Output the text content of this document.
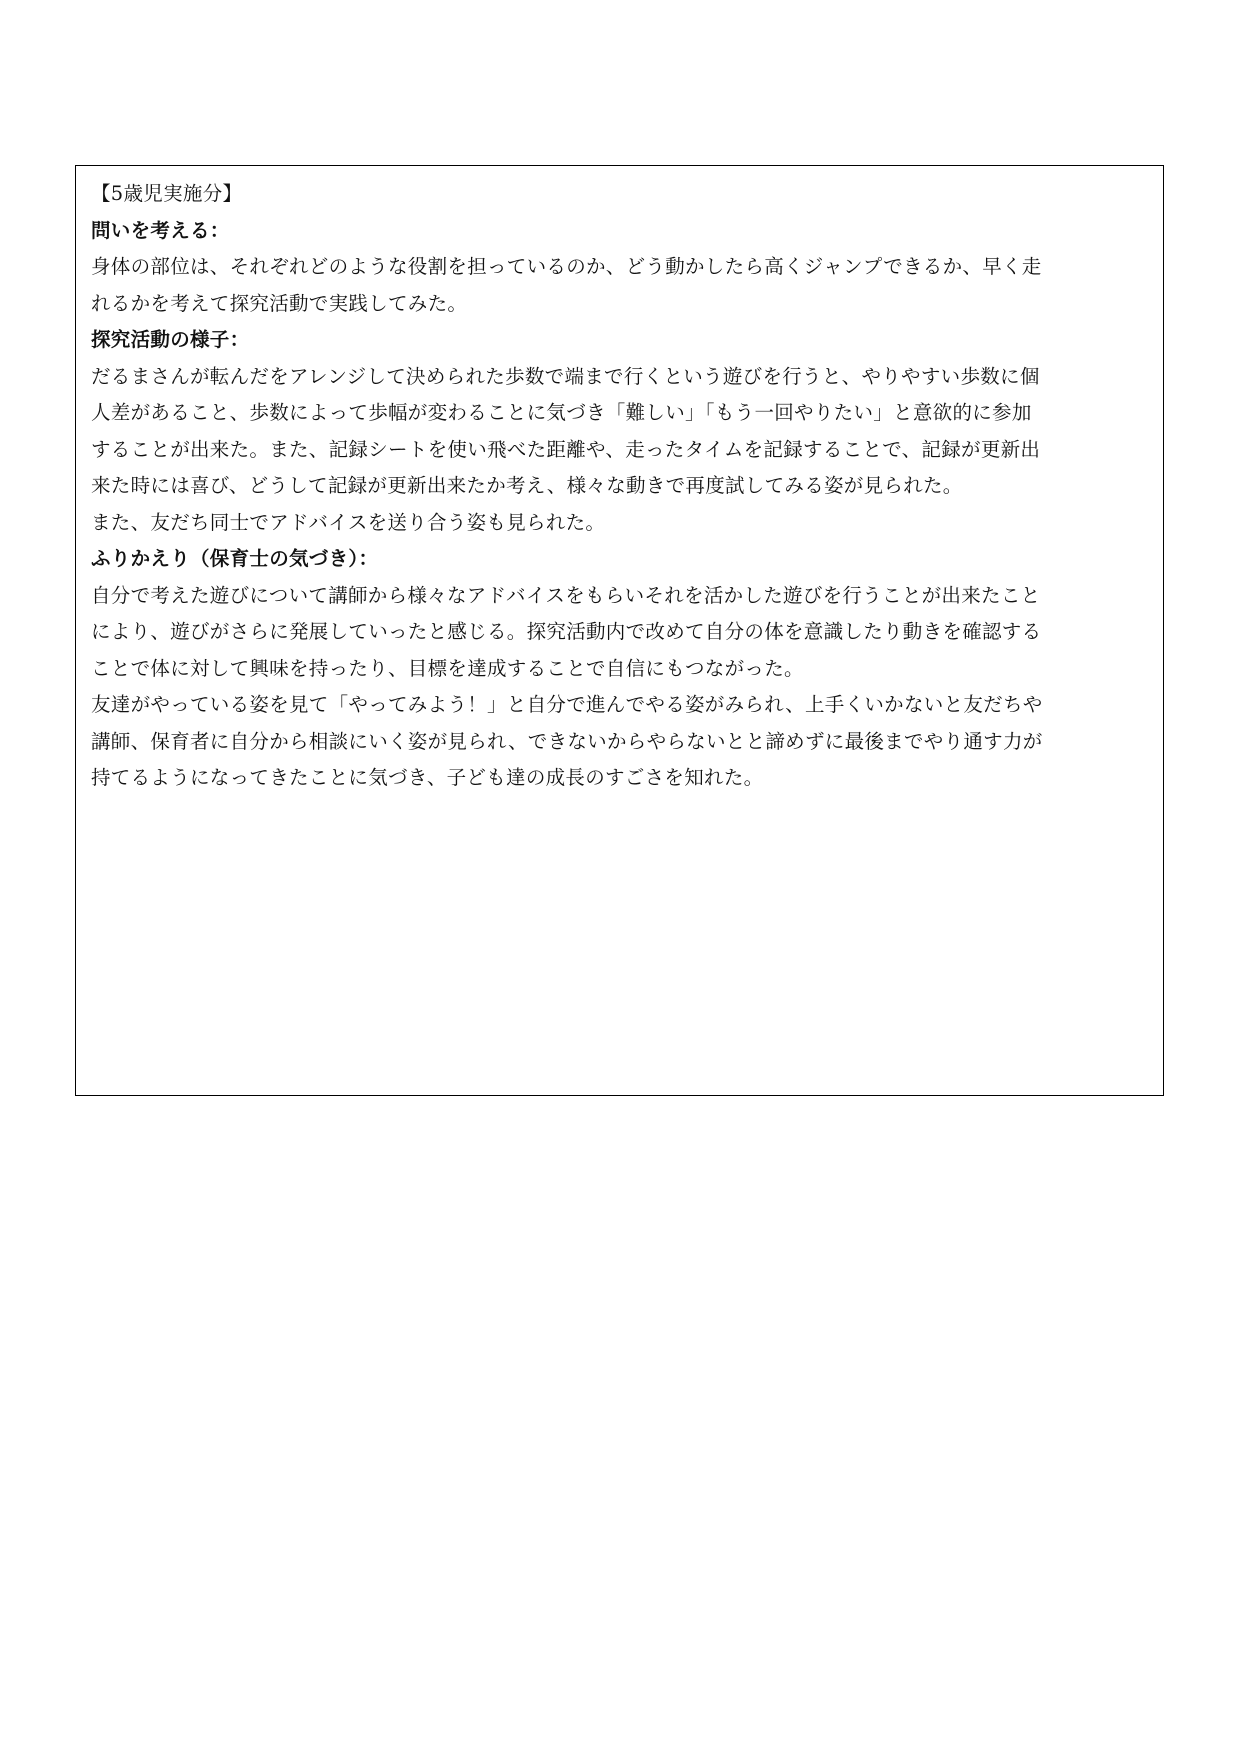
【5歳児実施分】
問いを考える：
身体の部位は、それぞれどのような役割を担っているのか、どう動かしたら高くジャンプできるか、早く走
れるかを考えて探究活動で実践してみた。
探究活動の様子：
だるまさんが転んだをアレンジして決められた歩数で端まで行くという遊びを行うと、やりやすい歩数に個
人差があること、歩数によって歩幅が変わることに気づき「難しい」「もう一回やりたい」と意欲的に参加
することが出来た。また、記録シートを使い飛べた距離や、走ったタイムを記録することで、記録が更新出
来た時には喜び、どうして記録が更新出来たか考え、様々な動きで再度試してみる姿が見られた。
また、友だち同士でアドバイスを送り合う姿も見られた。
ふりかえり（保育士の気づき）：
自分で考えた遊びについて講師から様々なアドバイスをもらいそれを活かした遊びを行うことが出来たこと
により、遊びがさらに発展していったと感じる。探究活動内で改めて自分の体を意識したり動きを確認する
ことで体に対して興味を持ったり、目標を達成することで自信にもつながった。
友達がやっている姿を見て「やってみよう！」と自分で進んでやる姿がみられ、上手くいかないと友だちや
講師、保育者に自分から相談にいく姿が見られ、できないからやらないとと諦めずに最後までやり通す力が
持てるようになってきたことに気づき、子ども達の成長のすごさを知れた。
